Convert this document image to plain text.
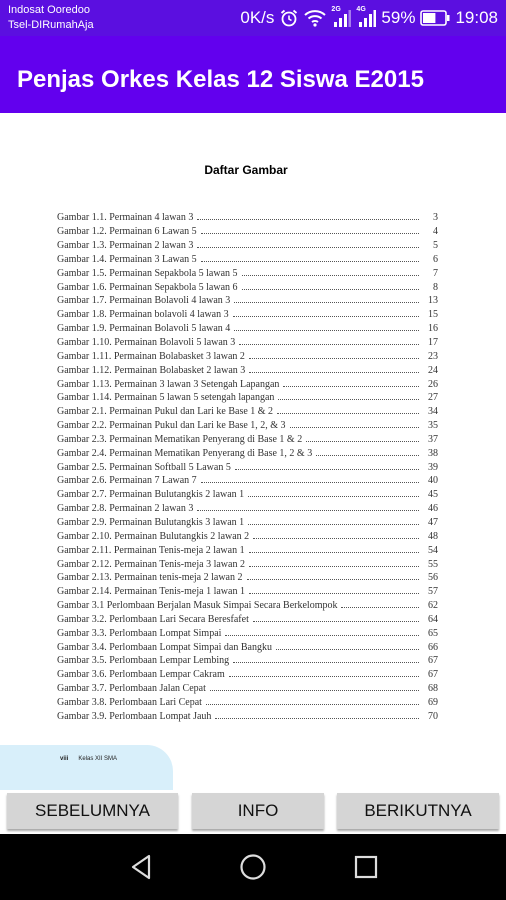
Indosat Ooredoo
Tsel-DIRumahAja	0K/s	2G 4G 59% 19:08
Penjas Orkes Kelas 12 Siswa E2015
Daftar Gambar
Gambar 1.1. Permainan 4 lawan 3	3
Gambar 1.2. Permainan 6 Lawan 5	4
Gambar 1.3. Permainan 2 lawan 3	5
Gambar 1.4. Permainan 3 Lawan 5	6
Gambar 1.5. Permainan Sepakbola 5 lawan 5	7
Gambar 1.6. Permainan Sepakbola 5 lawan 6	8
Gambar 1.7. Permainan Bolavoli 4 lawan 3	13
Gambar 1.8. Permainan bolavoli 4 lawan 3	15
Gambar 1.9. Permainan Bolavoli 5 lawan 4	16
Gambar 1.10. Permainan Bolavoli 5 lawan 3	17
Gambar 1.11. Permainan Bolabasket 3 lawan 2	23
Gambar 1.12. Permainan Bolabasket 2 lawan 3	24
Gambar 1.13. Permainan 3 lawan 3 Setengah Lapangan	26
Gambar 1.14. Permainan 5 lawan 5 setengah lapangan	27
Gambar 2.1. Permainan Pukul dan Lari ke Base 1 & 2	34
Gambar 2.2. Permainan Pukul dan Lari ke Base 1, 2, & 3	35
Gambar 2.3. Permainan Mematikan Penyerang di Base 1 & 2	37
Gambar 2.4. Permainan Mematikan Penyerang di Base 1, 2 & 3	38
Gambar 2.5. Permainan Softball 5 Lawan 5	39
Gambar 2.6. Permainan 7 Lawan 7	40
Gambar 2.7. Permainan Bulutangkis 2 lawan 1	45
Gambar 2.8. Permainan 2 lawan 3	46
Gambar 2.9. Permainan Bulutangkis 3 lawan 1	47
Gambar 2.10. Permainan Bulutangkis 2 lawan 2	48
Gambar 2.11. Permainan Tenis-meja 2 lawan 1	54
Gambar 2.12. Permainan Tenis-meja 3 lawan 2	55
Gambar 2.13. Permainan tenis-meja 2 lawan 2	56
Gambar 2.14. Permainan Tenis-meja 1 lawan 1	57
Gambar 3.1 Perlombaan Berjalan Masuk Simpai Secara Berkelompok	62
Gambar 3.2. Perlombaan Lari Secara Beresfafet	64
Gambar 3.3. Perlombaan Lompat Simpai	65
Gambar 3.4. Perlombaan Lompat Simpai dan Bangku	66
Gambar 3.5. Perlombaan Lempar Lembing	67
Gambar 3.6. Perlombaan Lempar Cakram	67
Gambar 3.7. Perlombaan Jalan Cepat	68
Gambar 3.8. Perlombaan Lari Cepat	69
Gambar 3.9. Perlombaan Lompat Jauh	70
viii Kelas XII SMA
SEBELUMNYA	INFO	BERIKUTNYA
